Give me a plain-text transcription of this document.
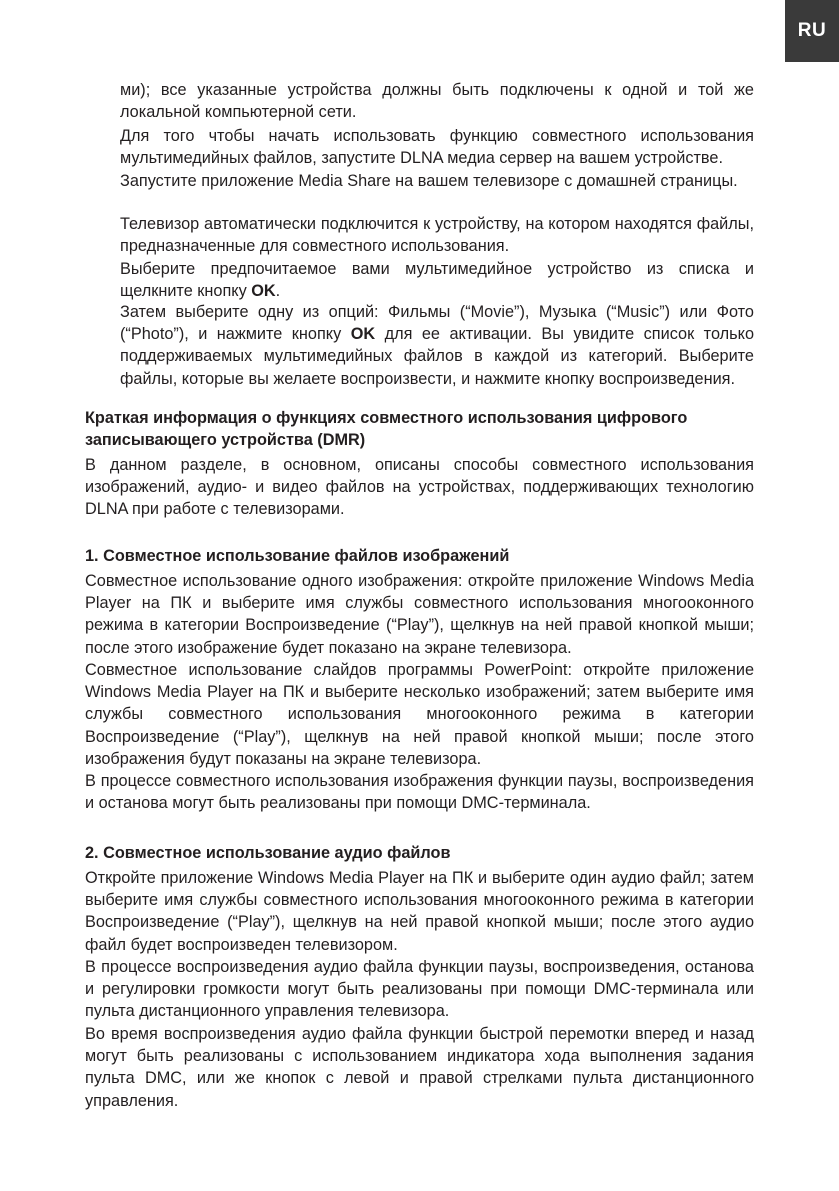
RU

ми); все указанные устройства должны быть подключены к одной и той же локальной компьютерной сети.

Для того чтобы начать использовать функцию совместного использования мультимедийных файлов, запустите DLNA медиа сервер на вашем устройстве.

Запустите приложение Media Share на вашем телевизоре с домашней страницы.

Телевизор автоматически подключится к устройству, на котором находятся файлы, предназначенные для совместного использования.

Выберите предпочитаемое вами мультимедийное устройство из списка и щелкните кнопку OK.

Затем выберите одну из опций: Фильмы (“Movie”), Музыка (“Music”) или Фото (“Photo”), и нажмите кнопку OK для ее активации. Вы увидите список только поддерживаемых мультимедийных файлов в каждой из категорий. Выберите файлы, которые вы желаете воспроизвести, и нажмите кнопку воспроизведения.

Краткая информация о функциях совместного использования цифрового записывающего устройства (DMR)

В данном разделе, в основном, описаны способы совместного использования изображений, аудио- и видео файлов на устройствах, поддерживающих технологию DLNA при работе с телевизорами.

1. Совместное использование файлов изображений

Совместное использование одного изображения: откройте приложение Windows Media Player на ПК и выберите имя службы совместного использования многооконного режима в категории Воспроизведение (“Play”), щелкнув на ней правой кнопкой мыши; после этого изображение будет показано на экране телевизора.

Совместное использование слайдов программы PowerPoint: откройте приложение Windows Media Player на ПК и выберите несколько изображений; затем выберите имя службы совместного использования многооконного режима в категории Воспроизведение (“Play”), щелкнув на ней правой кнопкой мыши; после этого изображения будут показаны на экране телевизора.

В процессе совместного использования изображения функции паузы, воспроизведения и останова могут быть реализованы при помощи DMC-терминала.

2. Совместное использование аудио файлов

Откройте приложение Windows Media Player на ПК и выберите один аудио файл; затем выберите имя службы совместного использования многооконного режима в категории Воспроизведение (“Play”), щелкнув на ней правой кнопкой мыши; после этого аудио файл будет воспроизведен телевизором.

В процессе воспроизведения аудио файла функции паузы, воспроизведения, останова и регулировки громкости могут быть реализованы при помощи DMC-терминала или пульта дистанционного управления телевизора.

Во время воспроизведения аудио файла функции быстрой перемотки вперед и назад могут быть реализованы с использованием индикатора хода выполнения задания пульта DMC, или же кнопок с левой и правой стрелками пульта дистанционного управления.
